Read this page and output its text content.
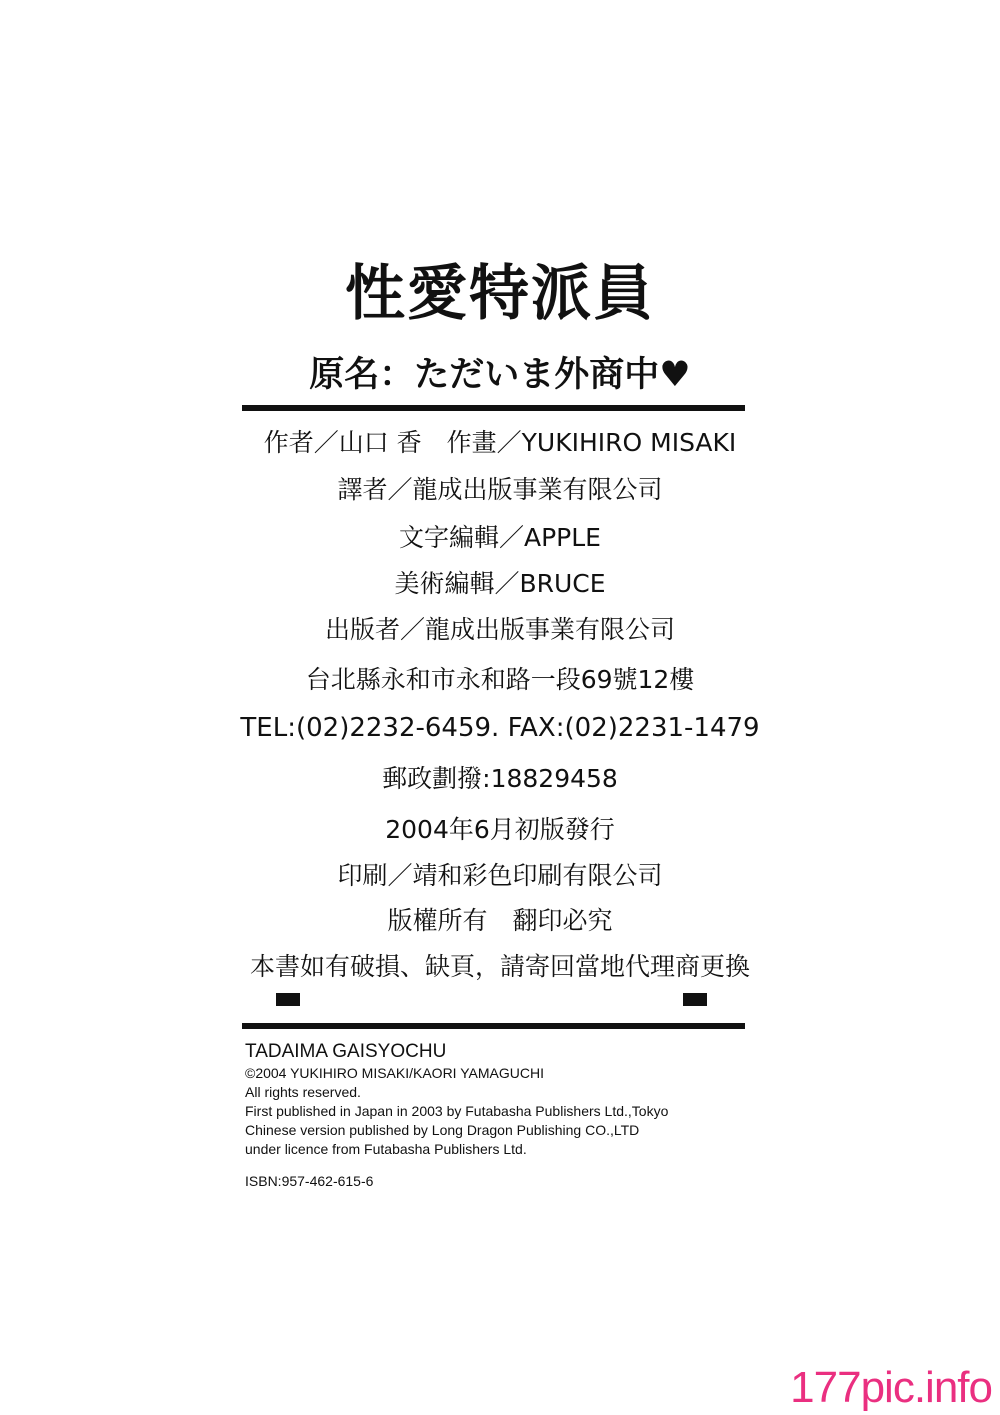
性愛特派員
原名：ただいま外商中♥
作者／山口 香　作畫／YUKIHIRO MISAKI
譯者／龍成出版事業有限公司
文字編輯／APPLE
美術編輯／BRUCE
出版者／龍成出版事業有限公司
台北縣永和市永和路一段69號12樓
TEL:(02)2232-6459. FAX:(02)2231-1479
郵政劃撥:18829458
2004年6月初版發行
印刷／靖和彩色印刷有限公司
版權所有　翻印必究
本書如有破損、缺頁，請寄回當地代理商更換
TADAIMA GAISYOCHU
©2004 YUKIHIRO MISAKI/KAORI YAMAGUCHI
All rights reserved.
First published in Japan in 2003 by Futabasha Publishers Ltd.,Tokyo
Chinese version published by Long Dragon Publishing CO.,LTD
under licence from Futabasha Publishers Ltd.
ISBN:957-462-615-6
177pic.info
